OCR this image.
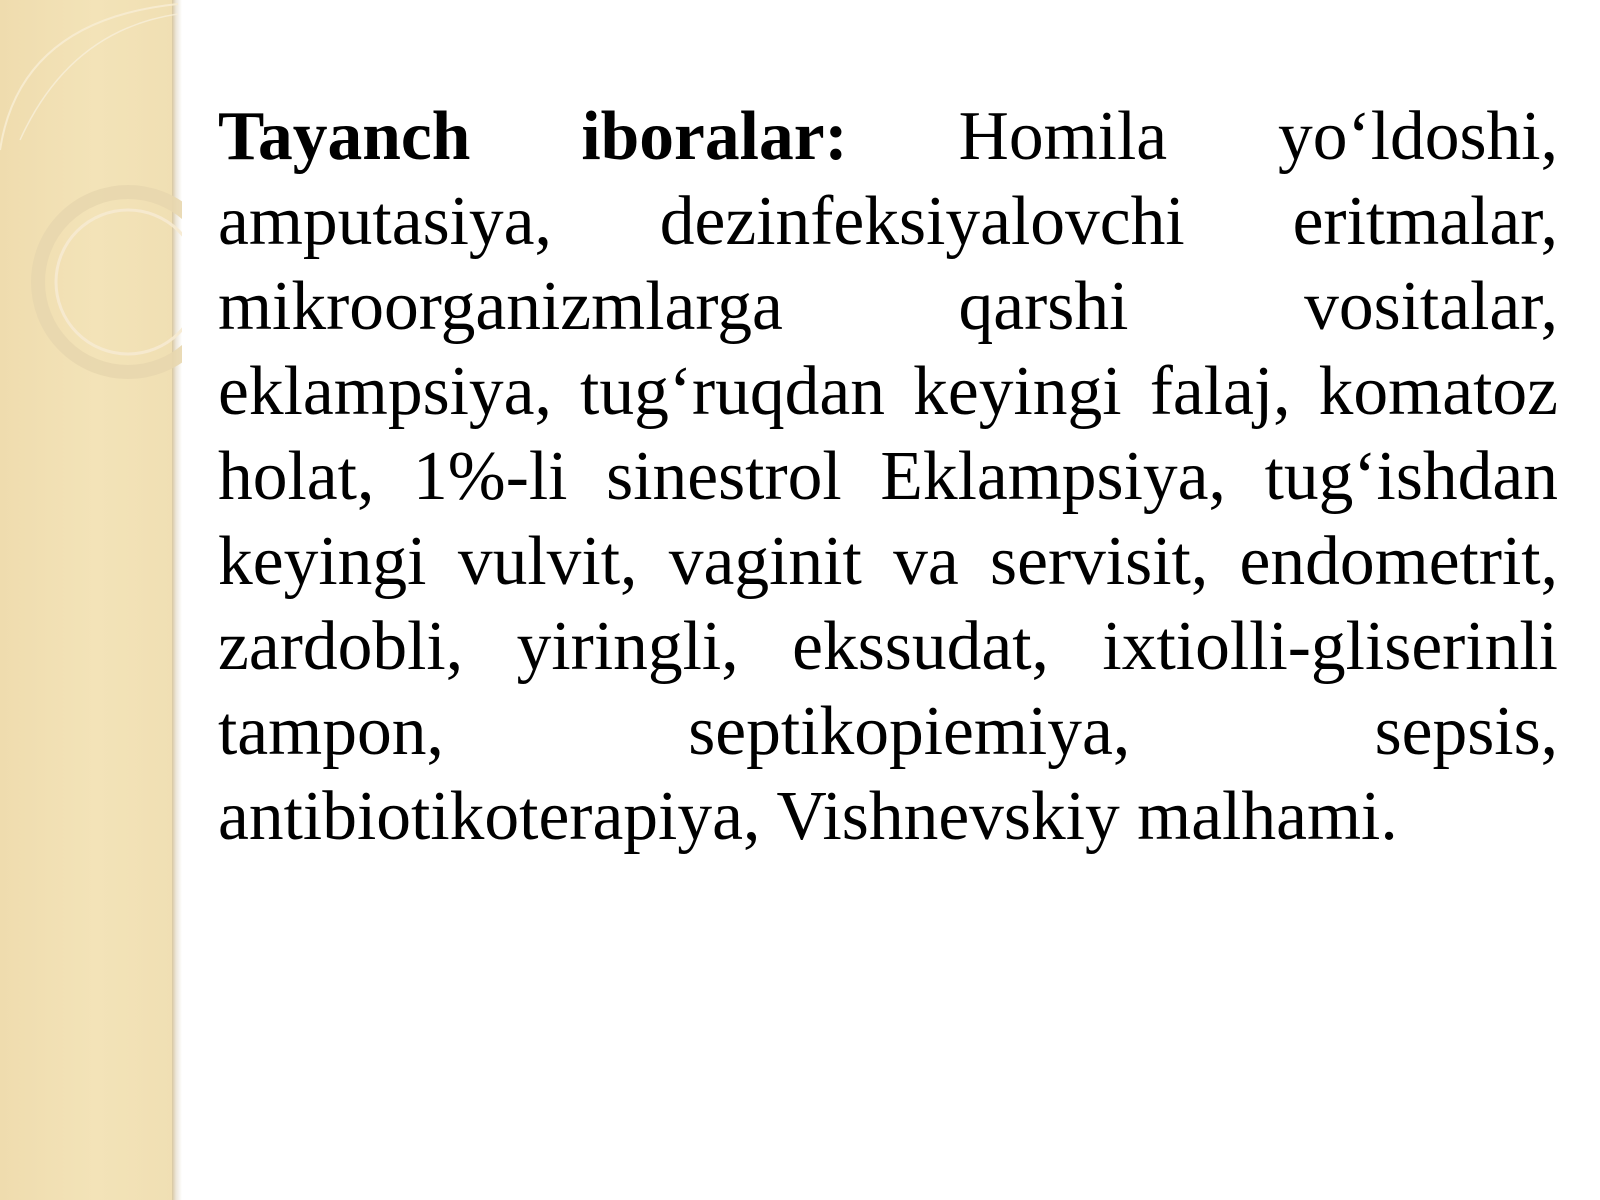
Tayanch iboralar: Homila yo‘ldoshi, amputasiya, dezinfeksiyalovchi eritmalar, mikroorganizmlarga qarshi vositalar, eklampsiya, tug‘ruqdan keyingi falaj, komatoz holat, 1%-li sinestrol Eklampsiya, tug‘ishdan keyingi vulvit, vaginit va servisit, endometrit, zardobli, yiringli, ekssudat, ixtiolli-gliserinli tampon, septikopiemiya, sepsis, antibiotikoterapiya, Vishnevskiy malhami.
